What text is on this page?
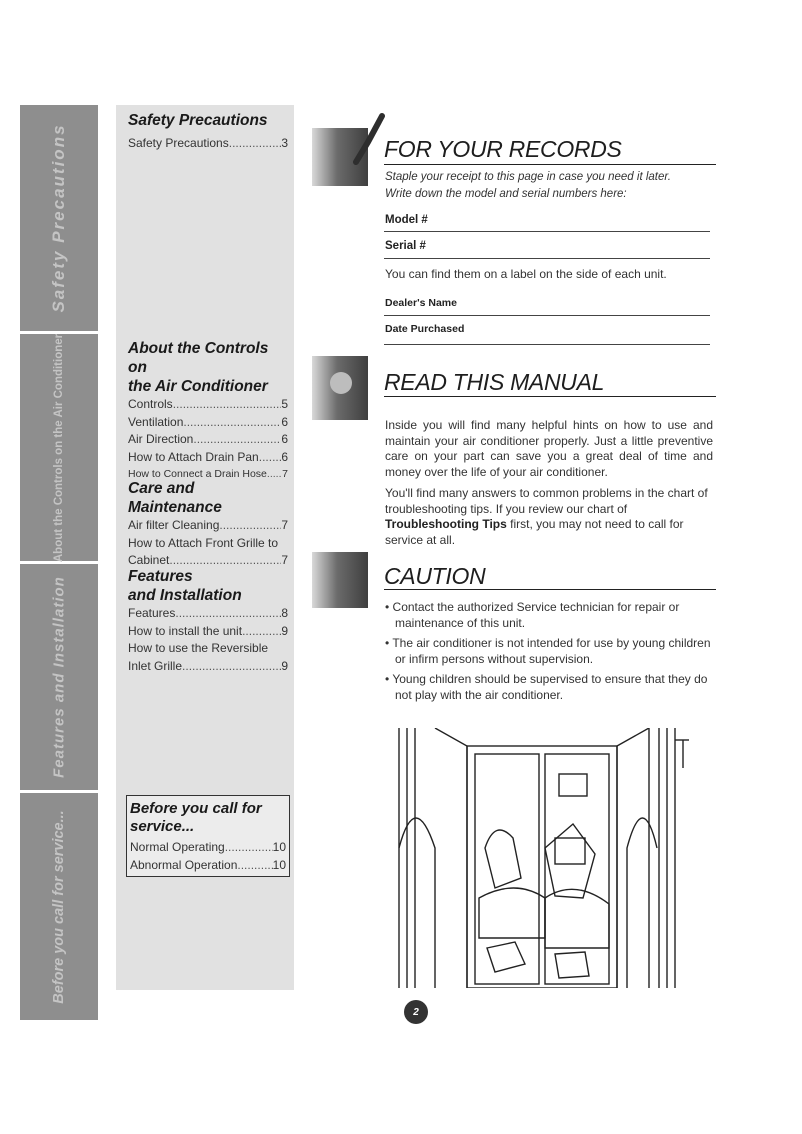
Safety Precautions
About the Controls on the Air Conditioner
Features and Installation
Before you call for service...
Safety Precautions
Safety Precautions .....	3
About the Controls on
the Air Conditioner
Controls .....	5
Ventilation .....	6
Air Direction .....	6
How to Attach Drain Pan ..... 6
How to Connect a Drain Hose ..... 7
Care and Maintenance
Air filter Cleaning .....	7
How to Attach Front Grille to
Cabinet .....	7
Features
and Installation
Features .....	8
How to install the unit .....	9
How to use the Reversible
Inlet Grille .....	9
Before you call for
service...
Normal Operating .....	10
Abnormal Operation .....	10
FOR YOUR RECORDS
Staple your receipt to this page in case you need it later.
Write down the model and serial numbers here:
Model #
Serial #
You can find them on a label on the side of each unit.
Dealer's Name
Date Purchased
READ THIS MANUAL
Inside you will find many helpful hints on how to use and maintain your air conditioner properly. Just a little preventive care on your part can save you a great deal of time and money over the life of your air conditioner.
You'll find many answers to common problems in the chart of troubleshooting tips. If you review our chart of Troubleshooting Tips first, you may not need to call for service at all.
CAUTION
• Contact the authorized Service technician for repair or maintenance of this unit.
• The air conditioner is not intended for use by young children or infirm persons without supervision.
• Young children should be supervised to ensure that they do not play with the air conditioner.
2
